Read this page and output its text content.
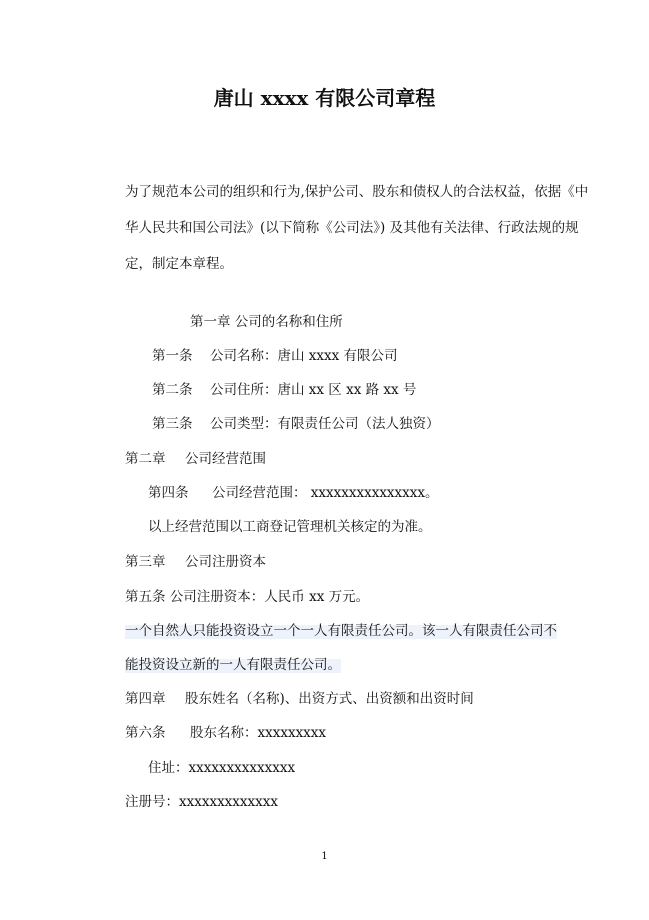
唐山 xxxx 有限公司章程
为了规范本公司的组织和行为,保护公司、股东和债权人的合法权益，依据《中
华人民共和国公司法》(以下简称《公司法》) 及其他有关法律、行政法规的规
定，制定本章程。
第一章 公司的名称和住所
第一条 公司名称：唐山 xxxx 有限公司
第二条 公司住所：唐山 xx 区 xx 路 xx 号
第三条 公司类型：有限责任公司（法人独资）
第二章 公司经营范围
第四条 公司经营范围： xxxxxxxxxxxxxxx。
以上经营范围以工商登记管理机关核定的为准。
第三章 公司注册资本
第五条 公司注册资本：人民币 xx 万元。
一个自然人只能投资设立一个一人有限责任公司。该一人有限责任公司不
能投资设立新的一人有限责任公司。
第四章 股东姓名（名称)、出资方式、出资额和出资时间
第六条 股东名称：xxxxxxxxx
住址：xxxxxxxxxxxxxx
注册号：xxxxxxxxxxxxx
1
